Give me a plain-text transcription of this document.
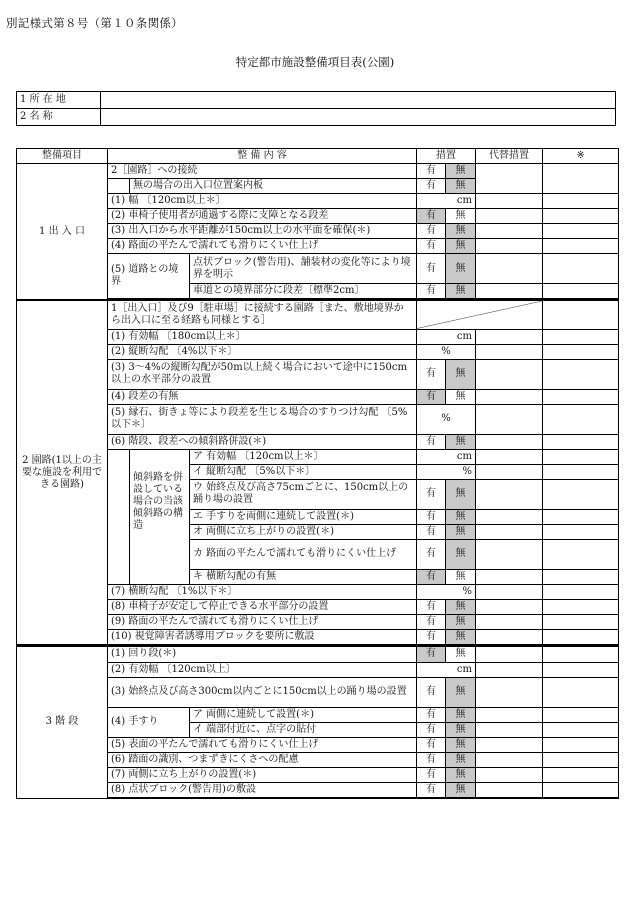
別記様式第８号（第１０条関係）
特定都市施設整備項目表(公園)
1 所 在 地	
2 名 称	
整備項目	整 備 内 容			措置		代替措置	※
1 出 入 口	2［園路］への接続			有	無		
		無の場合の出入口位置案内板		有	無		
	(1) 幅 〔120cm以上＊〕			cm			
	(2) 車椅子使用者が通過する際に支障となる段差			有	無		
	(3) 出入口から水平距離が150cm以上の水平面を確保(＊)			有	無		
	(4) 路面の平たんで濡れても滑りにくい仕上げ			有	無		
	(5) 道路との境界		点状ブロック(警告用)、舗装材の変化等により境界を明示	有	無		
			車道との境界部分に段差〔標準2cm〕	有	無		

2 園路(1以上の主要な施設を利用できる園路)	1［出入口］及び9［駐車場］に接続する園路［また、敷地境界から出入口に至る経路も同様とする］	

	(1) 有効幅 〔180cm以上＊〕			cm			
	(2) 縦断勾配 〔4%以下＊〕			%			
	(3) 3～4%の縦断勾配が50m以上続く場合において途中に150cm以上の水平部分の設置			有	無		
	(4) 段差の有無			有	無		
	(5) 縁石、街きょ等により段差を生じる場合のすりつけ勾配 〔5%以下＊〕			%			
	(6) 階段、段差への傾斜路併設(＊)			有	無		
		傾斜路を併設している場合の当該傾斜路の構造	ア 有効幅 〔120cm以上＊〕	cm			
			イ 縦断勾配 〔5%以下＊〕	%			
			ウ 始終点及び高さ75cmごとに、150cm以上の踊り場の設置	有	無		
			エ 手すりを両側に連続して設置(＊)	有	無		
			オ 両側に立ち上がりの設置(＊)	有	無		
			カ 路面の平たんで濡れても滑りにくい仕上げ	有	無		
			キ 横断勾配の有無	有	無		
	(7) 横断勾配 〔1%以下＊〕			%			
	(8) 車椅子が安定して停止できる水平部分の設置			有	無		
	(9) 路面の平たんで濡れても滑りにくい仕上げ			有	無		
	(10) 視覚障害者誘導用ブロックを要所に敷設			有	無		

3 階 段	(1) 回り段(＊)			有	無		
	(2) 有効幅 〔120cm以上〕			cm			
	(3) 始終点及び高さ300cm以内ごとに150cm以上の踊り場の設置			有	無		
	(4) 手すり		ア 両側に連続して設置(＊)	有	無		
			イ 端部付近に、点字の貼付	有	無		
	(5) 表面の平たんで濡れても滑りにくい仕上げ			有	無		
	(6) 踏面の識別、つまずきにくさへの配慮			有	無		
	(7) 両側に立ち上がりの設置(＊)			有	無		
	(8) 点状ブロック(警告用)の敷設			有	無		
